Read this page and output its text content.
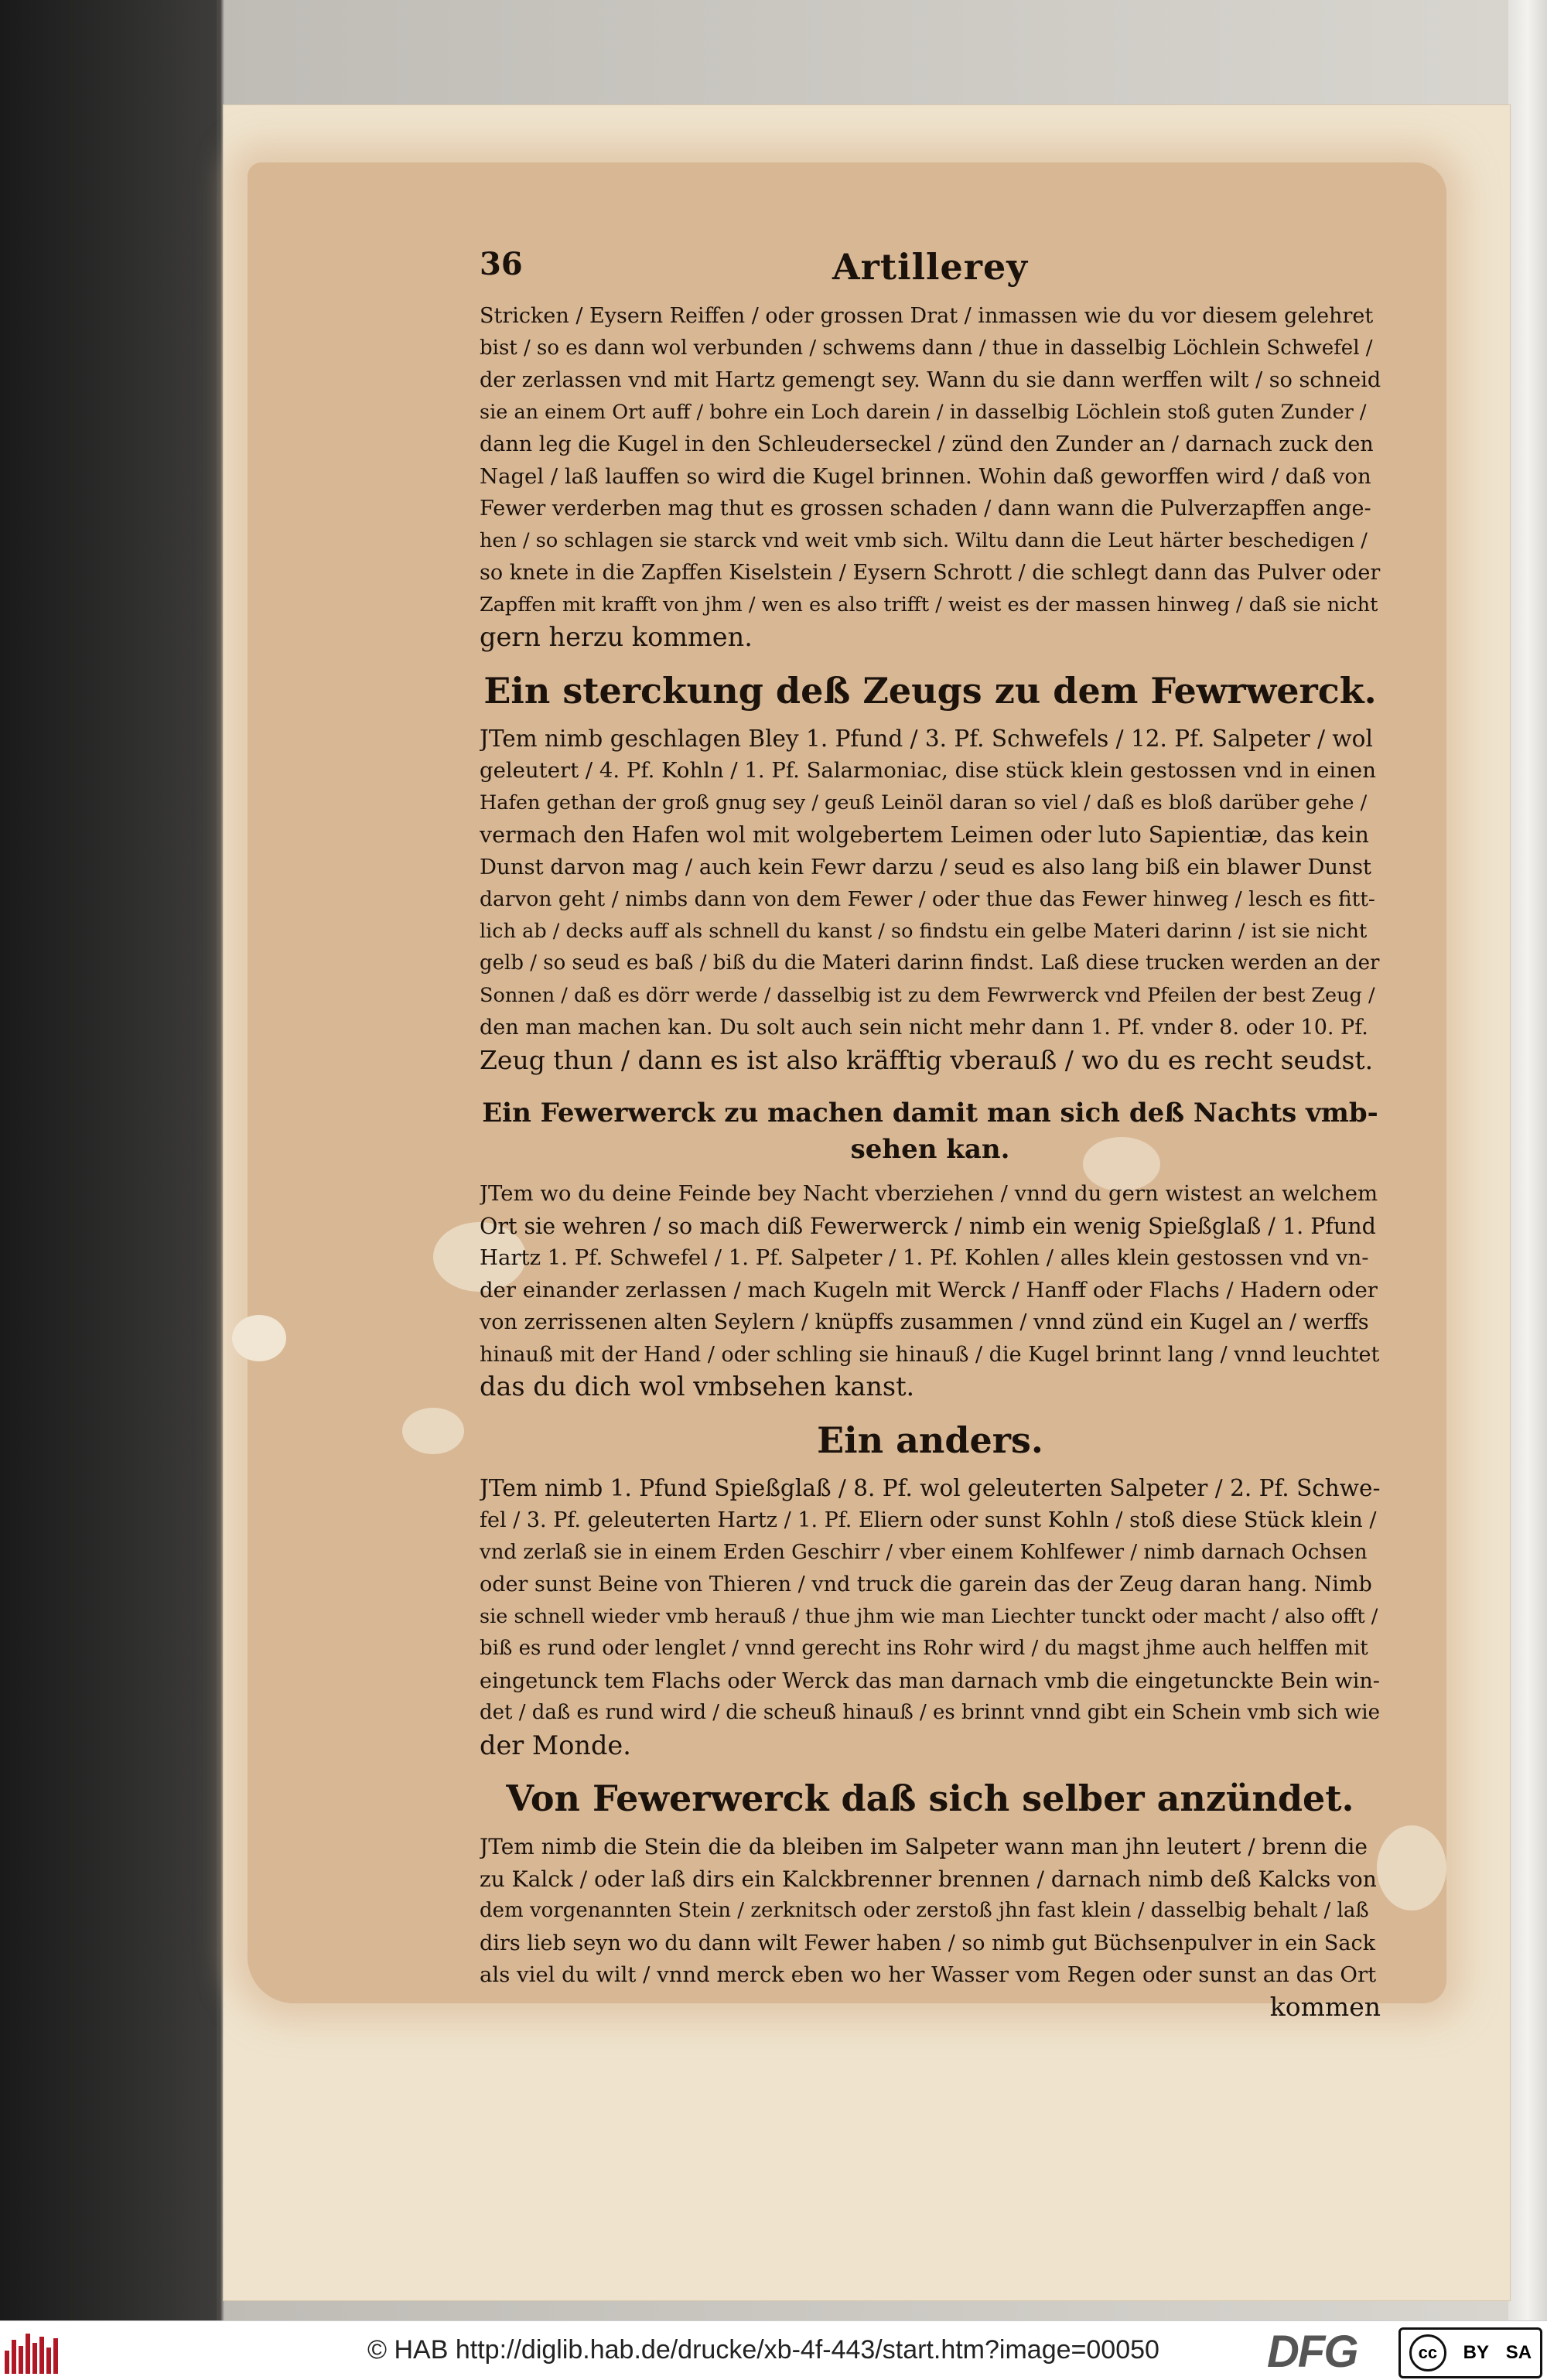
36	Artillerey
Stricken / Eysern Reiffen / oder grossen Drat / inmassen wie du vor diesem gelehret
bist / so es dann wol verbunden / schwems dann / thue in dasselbig Löchlein Schwefel /
der zerlassen vnd mit Hartz gemengt sey. Wann du sie dann werffen wilt / so schneid
sie an einem Ort auff / bohre ein Loch darein / in dasselbig Löchlein stoß guten Zunder /
dann leg die Kugel in den Schleuderseckel / zünd den Zunder an / darnach zuck den
Nagel / laß lauffen so wird die Kugel brinnen. Wohin daß geworffen wird / daß von
Fewer verderben mag thut es grossen schaden / dann wann die Pulverzapffen ange-
hen / so schlagen sie starck vnd weit vmb sich. Wiltu dann die Leut härter beschedigen /
so knete in die Zapffen Kiselstein / Eysern Schrott / die schlegt dann das Pulver oder
Zapffen mit krafft von jhm / wen es also trifft / weist es der massen hinweg / daß sie nicht
gern herzu kommen.
Ein sterckung deß Zeugs zu dem Fewrwerck.
JTem nimb geschlagen Bley 1. Pfund / 3. Pf. Schwefels / 12. Pf. Salpeter / wol
geleutert / 4. Pf. Kohln / 1. Pf. Salarmoniac, dise stück klein gestossen vnd in einen
Hafen gethan der groß gnug sey / geuß Leinöl daran so viel / daß es bloß darüber gehe /
vermach den Hafen wol mit wolgebertem Leimen oder luto Sapientiæ, das kein
Dunst darvon mag / auch kein Fewr darzu / seud es also lang biß ein blawer Dunst
darvon geht / nimbs dann von dem Fewer / oder thue das Fewer hinweg / lesch es fitt-
lich ab / decks auff als schnell du kanst / so findstu ein gelbe Materi darinn / ist sie nicht
gelb / so seud es baß / biß du die Materi darinn findst. Laß diese trucken werden an der
Sonnen / daß es dörr werde / dasselbig ist zu dem Fewrwerck vnd Pfeilen der best Zeug /
den man machen kan. Du solt auch sein nicht mehr dann 1. Pf. vnder 8. oder 10. Pf.
Zeug thun / dann es ist also kräfftig vberauß / wo du es recht seudst.
Ein Fewerwerck zu machen damit man sich deß Nachts vmb-
sehen kan.
JTem wo du deine Feinde bey Nacht vberziehen / vnnd du gern wistest an welchem
Ort sie wehren / so mach diß Fewerwerck / nimb ein wenig Spießglaß / 1. Pfund
Hartz 1. Pf. Schwefel / 1. Pf. Salpeter / 1. Pf. Kohlen / alles klein gestossen vnd vn-
der einander zerlassen / mach Kugeln mit Werck / Hanff oder Flachs / Hadern oder
von zerrissenen alten Seylern / knüpffs zusammen / vnnd zünd ein Kugel an / werffs
hinauß mit der Hand / oder schling sie hinauß / die Kugel brinnt lang / vnnd leuchtet
das du dich wol vmbsehen kanst.
Ein anders.
JTem nimb 1. Pfund Spießglaß / 8. Pf. wol geleuterten Salpeter / 2. Pf. Schwe-
fel / 3. Pf. geleuterten Hartz / 1. Pf. Eliern oder sunst Kohln / stoß diese Stück klein /
vnd zerlaß sie in einem Erden Geschirr / vber einem Kohlfewer / nimb darnach Ochsen
oder sunst Beine von Thieren / vnd truck die garein das der Zeug daran hang. Nimb
sie schnell wieder vmb herauß / thue jhm wie man Liechter tunckt oder macht / also offt /
biß es rund oder lenglet / vnnd gerecht ins Rohr wird / du magst jhme auch helffen mit
eingetunck tem Flachs oder Werck das man darnach vmb die eingetunckte Bein win-
det / daß es rund wird / die scheuß hinauß / es brinnt vnnd gibt ein Schein vmb sich wie
der Monde.
Von Fewerwerck daß sich selber anzündet.
JTem nimb die Stein die da bleiben im Salpeter wann man jhn leutert / brenn die
zu Kalck / oder laß dirs ein Kalckbrenner brennen / darnach nimb deß Kalcks von
dem vorgenannten Stein / zerknitsch oder zerstoß jhn fast klein / dasselbig behalt / laß
dirs lieb seyn wo du dann wilt Fewer haben / so nimb gut Büchsenpulver in ein Sack
als viel du wilt / vnnd merck eben wo her Wasser vom Regen oder sunst an das Ort
kommen
© HAB http://diglib.hab.de/drucke/xb-4f-443/start.htm?image=00050 DFG	cc	BY SA
